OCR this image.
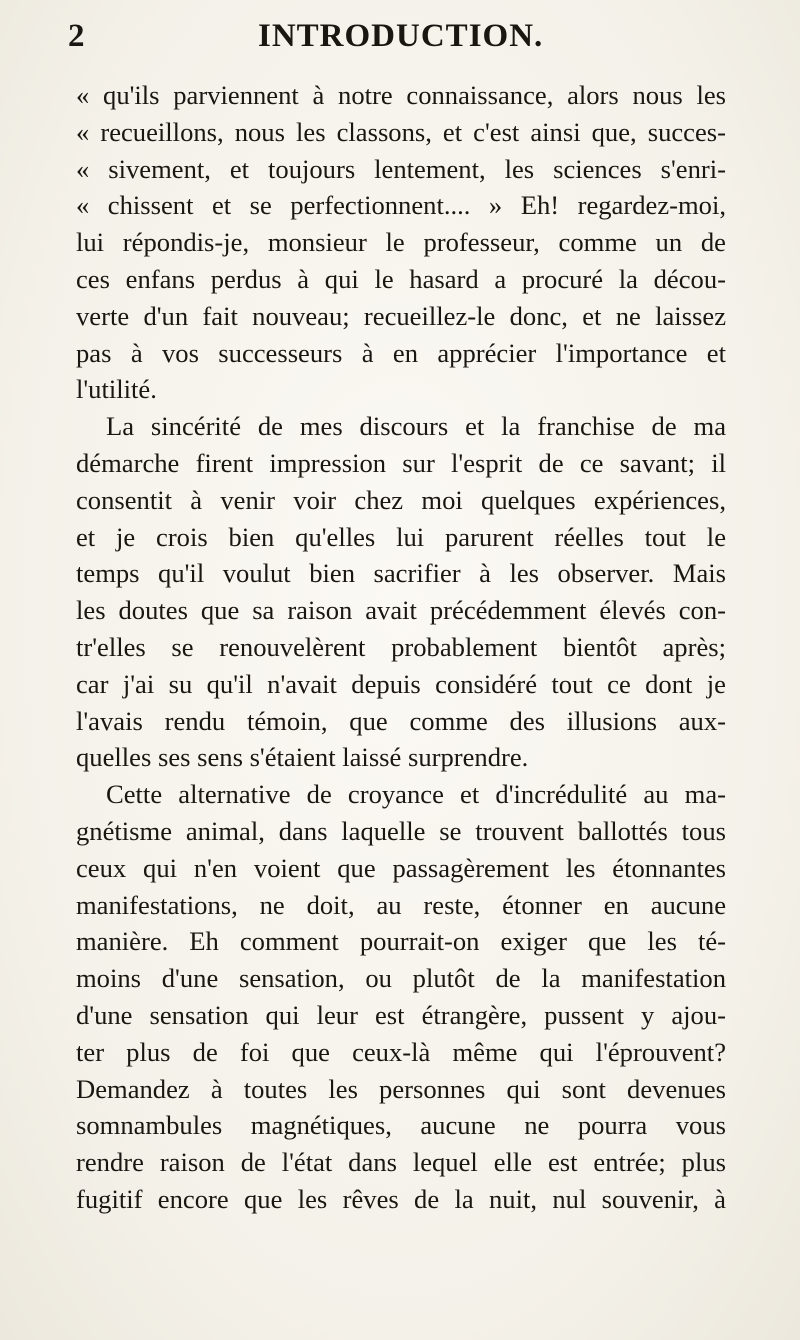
2	INTRODUCTION.
« qu'ils parviennent à notre connaissance, alors nous les
« recueillons, nous les classons, et c'est ainsi que, succes-
« sivement, et toujours lentement, les sciences s'enri-
« chissent et se perfectionnent.... » Eh! regardez-moi,
lui répondis-je, monsieur le professeur, comme un de
ces enfans perdus à qui le hasard a procuré la décou-
verte d'un fait nouveau; recueillez-le donc, et ne laissez
pas à vos successeurs à en apprécier l'importance et
l'utilité.
La sincérité de mes discours et la franchise de ma
démarche firent impression sur l'esprit de ce savant; il
consentit à venir voir chez moi quelques expériences,
et je crois bien qu'elles lui parurent réelles tout le
temps qu'il voulut bien sacrifier à les observer. Mais
les doutes que sa raison avait précédemment élevés con-
tr'elles se renouvelèrent probablement bientôt après;
car j'ai su qu'il n'avait depuis considéré tout ce dont je
l'avais rendu témoin, que comme des illusions aux-
quelles ses sens s'étaient laissé surprendre.
Cette alternative de croyance et d'incrédulité au ma-
gnétisme animal, dans laquelle se trouvent ballottés tous
ceux qui n'en voient que passagèrement les étonnantes
manifestations, ne doit, au reste, étonner en aucune
manière. Eh comment pourrait-on exiger que les té-
moins d'une sensation, ou plutôt de la manifestation
d'une sensation qui leur est étrangère, pussent y ajou-
ter plus de foi que ceux-là même qui l'éprouvent?
Demandez à toutes les personnes qui sont devenues
somnambules magnétiques, aucune ne pourra vous
rendre raison de l'état dans lequel elle est entrée; plus
fugitif encore que les rêves de la nuit, nul souvenir, à
